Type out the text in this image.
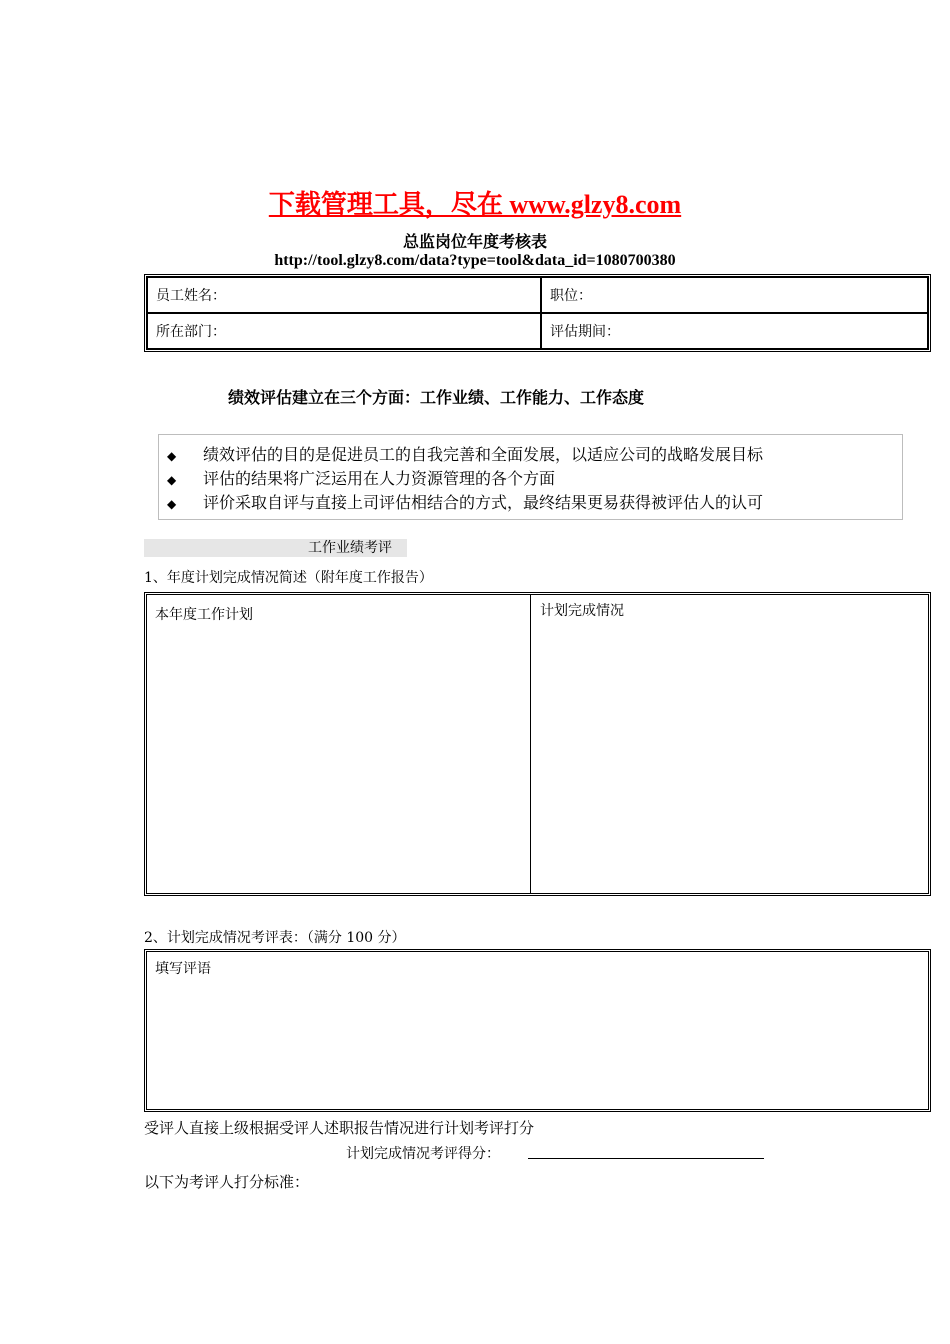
下载管理工具，尽在 www.glzy8.com
总监岗位年度考核表
http://tool.glzy8.com/data?type=tool&data_id=1080700380
员工姓名：	职位：
所在部门：	评估期间：
绩效评估建立在三个方面：工作业绩、工作能力、工作态度
◆ 绩效评估的目的是促进员工的自我完善和全面发展，以适应公司的战略发展目标
◆ 评估的结果将广泛运用在人力资源管理的各个方面
◆ 评价采取自评与直接上司评估相结合的方式，最终结果更易获得被评估人的认可
工作业绩考评
1、年度计划完成情况简述（附年度工作报告）
本年度工作计划	计划完成情况
2、计划完成情况考评表：（满分 100 分）
填写评语
受评人直接上级根据受评人述职报告情况进行计划考评打分
计划完成情况考评得分：
以下为考评人打分标准：
